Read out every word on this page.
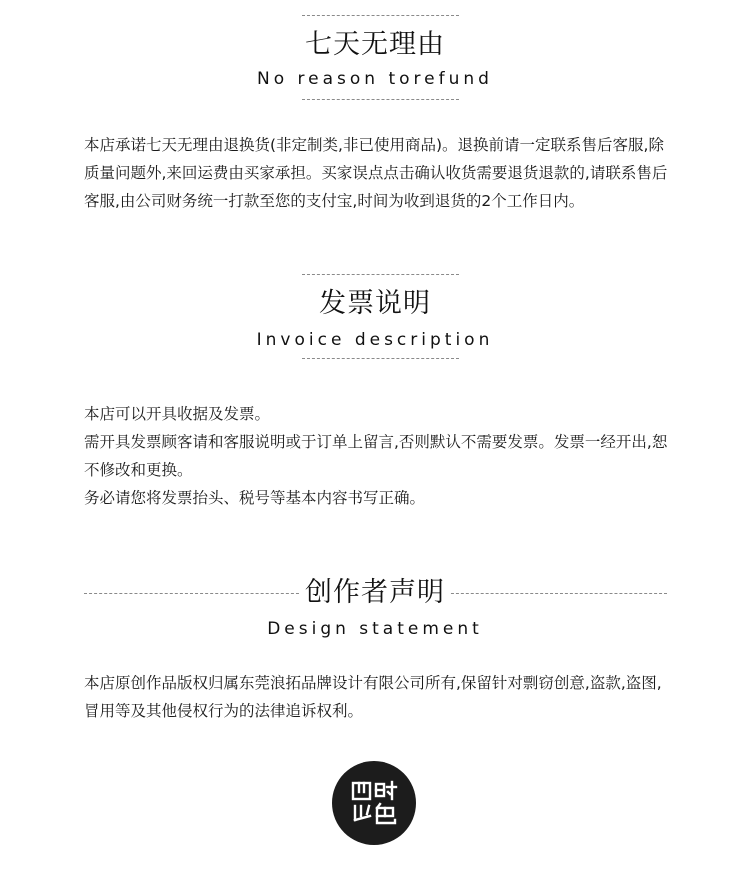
七天无理由
No reason torefund

本店承诺七天无理由退换货(非定制类,非已使用商品)。退换前请一定联系售后客服,除质量问题外,来回运费由买家承担。买家误点点击确认收货需要退货退款的,请联系售后客服,由公司财务统一打款至您的支付宝,时间为收到退货的2个工作日内。

发票说明
Invoice description

本店可以开具收据及发票。

需开具发票顾客请和客服说明或于订单上留言,否则默认不需要发票。发票一经开出,恕不修改和更换。

务必请您将发票抬头、税号等基本内容书写正确。

创作者声明
Design statement

本店原创作品版权归属东莞浪拓品牌设计有限公司所有,保留针对剽窃创意,盗款,盗图,冒用等及其他侵权行为的法律追诉权利。
